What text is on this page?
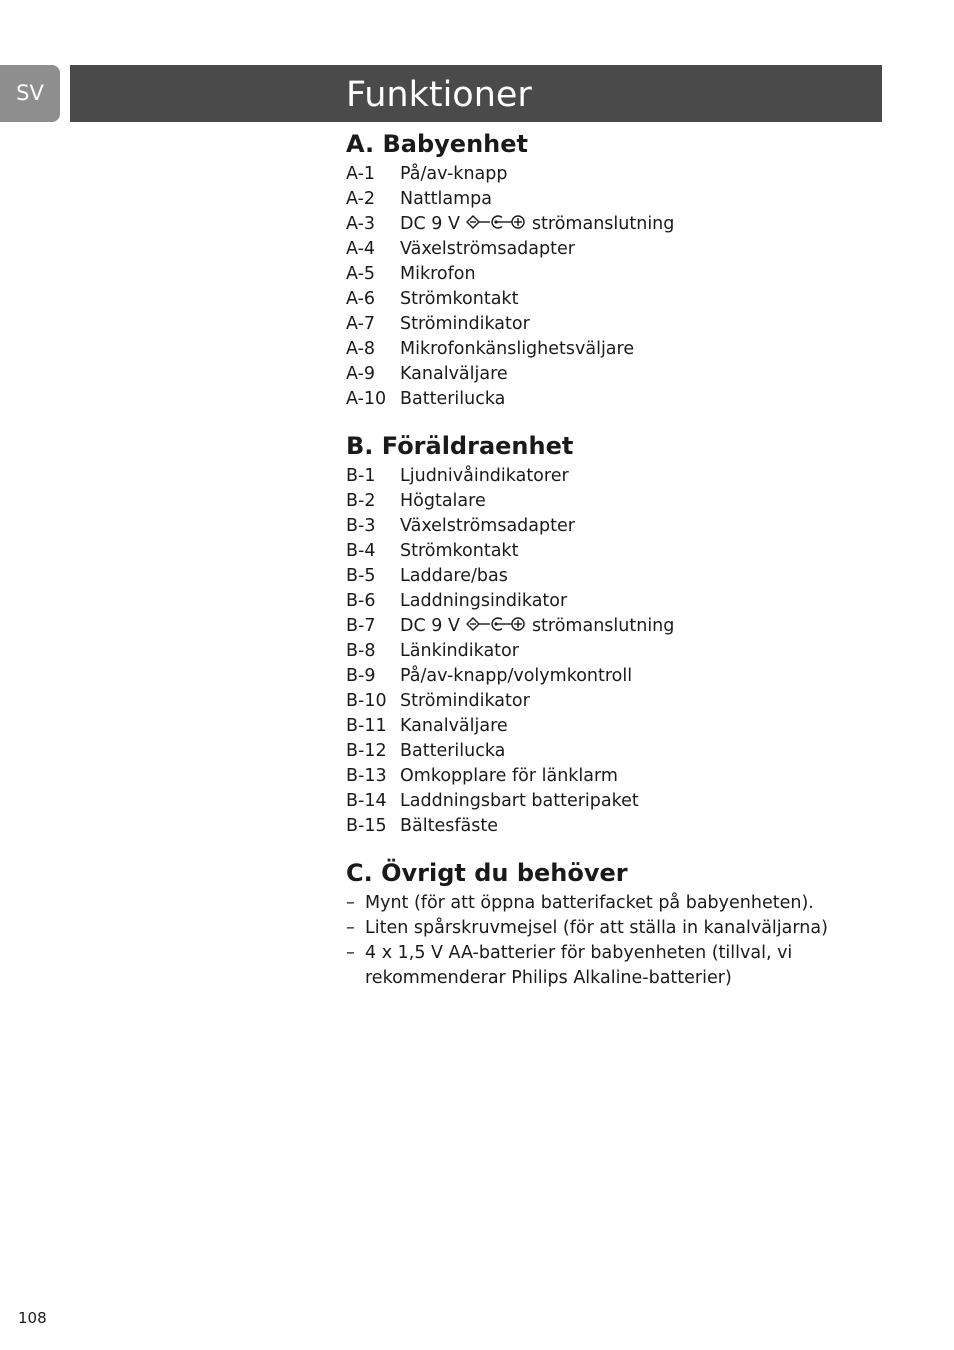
SV	Funktioner
A. Babyenhet
A-1	På/av-knapp
A-2	Nattlampa
A-3	DC 9 V	strömanslutning
A-4	Växelströmsadapter
A-5	Mikrofon
A-6	Strömkontakt
A-7	Strömindikator
A-8	Mikrofonkänslighetsväljare
A-9	Kanalväljare
A-10 Batterilucka
B. Föräldraenhet
B-1	Ljudnivåindikatorer
B-2	Högtalare
B-3	Växelströmsadapter
B-4	Strömkontakt
B-5	Laddare/bas
B-6	Laddningsindikator
B-7	DC 9 V	strömanslutning
B-8	Länkindikator
B-9	På/av-knapp/volymkontroll
B-10 Strömindikator
B-11 Kanalväljare
B-12 Batterilucka
B-13 Omkopplare för länklarm
B-14 Laddningsbart batteripaket
B-15 Bältesfäste
C. Övrigt du behöver
– Mynt (för att öppna batterifacket på babyenheten).
– Liten spårskruvmejsel (för att ställa in kanalväljarna)
– 4 x 1,5 V AA-batterier för babyenheten (tillval, vi rekommenderar Philips Alkaline-batterier)
108
